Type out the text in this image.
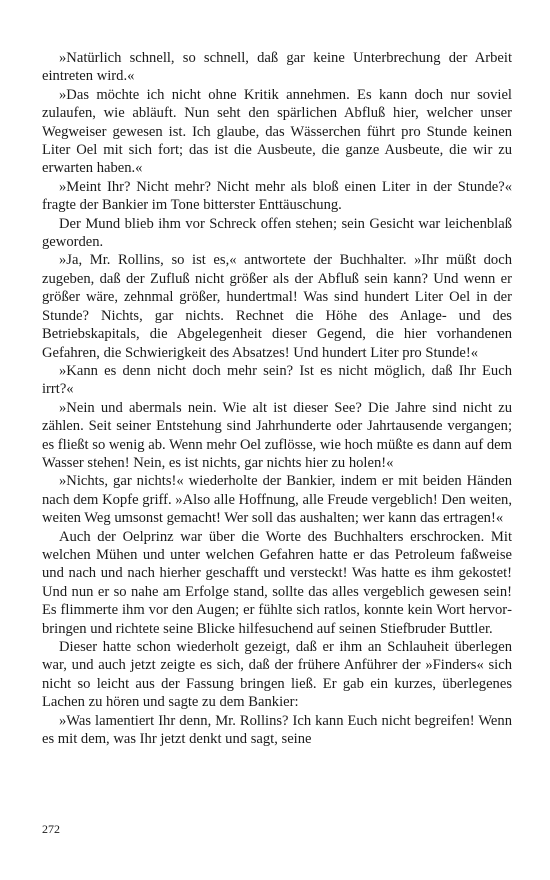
»Natürlich schnell, so schnell, daß gar keine Unterbrechung der Arbeit eintreten wird.«

»Das möchte ich nicht ohne Kritik annehmen. Es kann doch nur soviel zulaufen, wie abläuft. Nun seht den spärlichen Abfluß hier, welcher unser Wegweiser gewesen ist. Ich glaube, das Wässerchen führt pro Stunde keinen Liter Oel mit sich fort; das ist die Ausbeute, die ganze Ausbeute, die wir zu erwarten haben.«

»Meint Ihr? Nicht mehr? Nicht mehr als bloß einen Liter in der Stunde?« fragte der Bankier im Tone bitterster Enttäuschung.

Der Mund blieb ihm vor Schreck offen stehen; sein Gesicht war leichenblaß geworden.

»Ja, Mr. Rollins, so ist es,« antwortete der Buchhalter. »Ihr müßt doch zugeben, daß der Zufluß nicht größer als der Abfluß sein kann? Und wenn er größer wäre, zehnmal größer, hundertmal! Was sind hundert Liter Oel in der Stunde? Nichts, gar nichts. Rechnet die Höhe des Anlage- und des Betriebskapitals, die Abgelegenheit dieser Gegend, die hier vorhandenen Gefahren, die Schwierigkeit des Absatzes! Und hundert Liter pro Stunde!«

»Kann es denn nicht doch mehr sein? Ist es nicht möglich, daß Ihr Euch irrt?«

»Nein und abermals nein. Wie alt ist dieser See? Die Jahre sind nicht zu zählen. Seit seiner Entstehung sind Jahrhunderte oder Jahrtausende vergangen; es fließt so wenig ab. Wenn mehr Oel zuflösse, wie hoch müßte es dann auf dem Wasser stehen! Nein, es ist nichts, gar nichts hier zu holen!«

»Nichts, gar nichts!« wiederholte der Bankier, indem er mit beiden Händen nach dem Kopfe griff. »Also alle Hoffnung, alle Freude vergeblich! Den weiten, weiten Weg umsonst gemacht! Wer soll das aushalten; wer kann das ertragen!«

Auch der Oelprinz war über die Worte des Buchhalters erschrocken. Mit welchen Mühen und unter welchen Gefahren hatte er das Petroleum faßweise und nach und nach hierher geschafft und versteckt! Was hatte es ihm gekostet! Und nun er so nahe am Erfolge stand, sollte das alles vergeblich gewesen sein! Es flimmerte ihm vor den Augen; er fühlte sich ratlos, konnte kein Wort hervorbringen und richtete seine Blicke hilfesuchend auf seinen Stiefbruder Buttler.

Dieser hatte schon wiederholt gezeigt, daß er ihm an Schlauheit überlegen war, und auch jetzt zeigte es sich, daß der frühere Anführer der »Finders« sich nicht so leicht aus der Fassung bringen ließ. Er gab ein kurzes, überlegenes Lachen zu hören und sagte zu dem Bankier:

»Was lamentiert Ihr denn, Mr. Rollins? Ich kann Euch nicht begreifen! Wenn es mit dem, was Ihr jetzt denkt und sagt, seine

272
